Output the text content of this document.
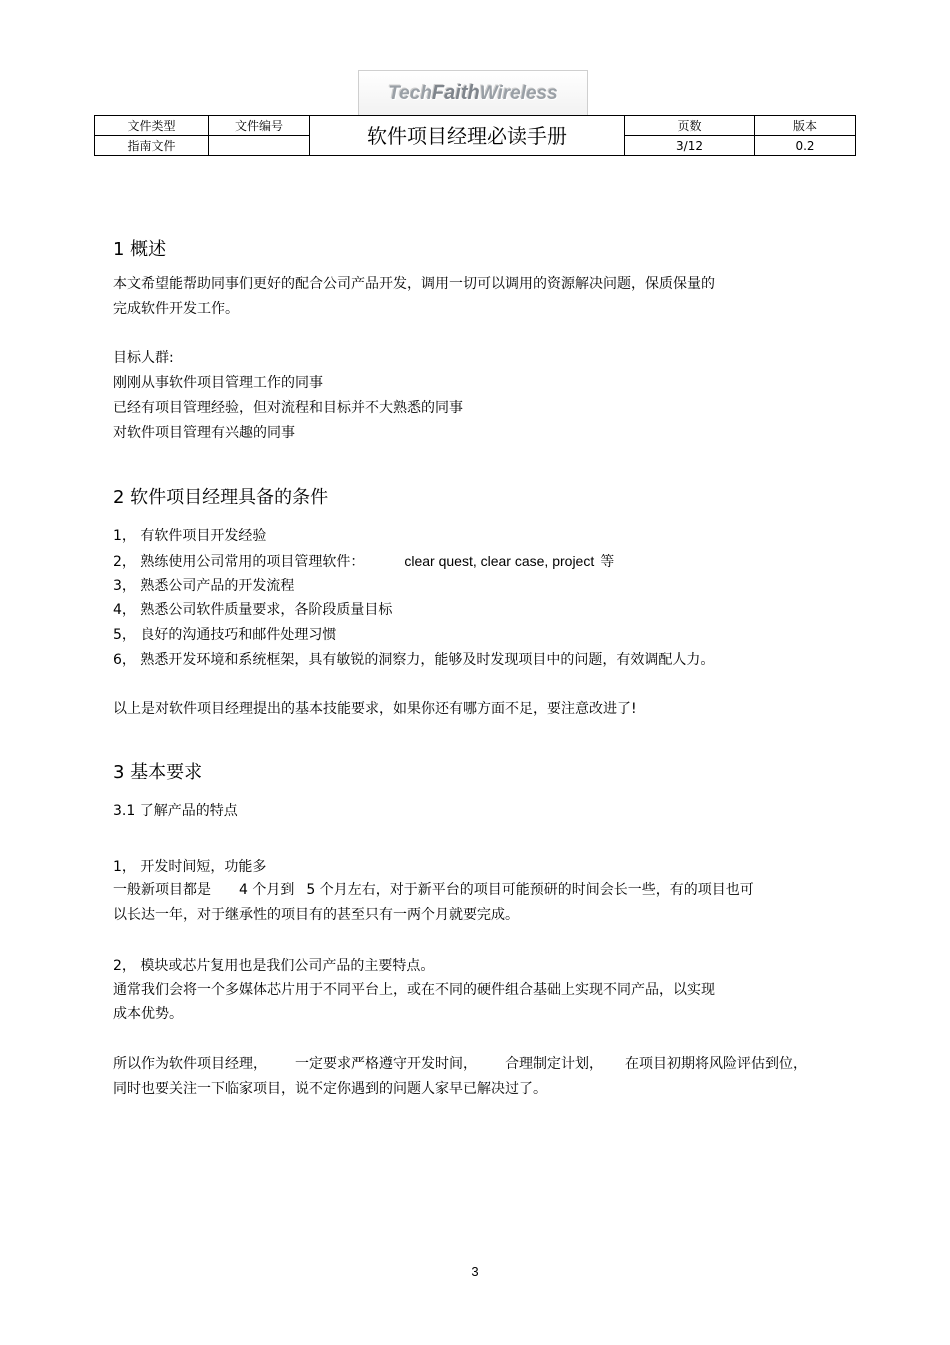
TechFaithWireless
文件类型	文件编号	软件项目经理必读手册	页数	版本
指南文件			3/12	0.2
1 概述
本文希望能帮助同事们更好的配合公司产品开发，调用一切可以调用的资源解决问题，保质保量的
完成软件开发工作。
目标人群:
刚刚从事软件项目管理工作的同事
已经有项目管理经验，但对流程和目标并不大熟悉的同事
对软件项目管理有兴趣的同事
2 软件项目经理具备的条件
1， 有软件项目开发经验
2， 熟练使用公司常用的项目管理软件：	clear quest, clear case, project 等
3， 熟悉公司产品的开发流程
4， 熟悉公司软件质量要求，各阶段质量目标
5， 良好的沟通技巧和邮件处理习惯
6， 熟悉开发环境和系统框架，具有敏锐的洞察力，能够及时发现项目中的问题，有效调配人力。
以上是对软件项目经理提出的基本技能要求，如果你还有哪方面不足，要注意改进了!
3 基本要求
3.1 了解产品的特点
1， 开发时间短，功能多
一般新项目都是 4 个月到 5 个月左右，对于新平台的项目可能预研的时间会长一些，有的项目也可
以长达一年，对于继承性的项目有的甚至只有一两个月就要完成。
2， 模块或芯片复用也是我们公司产品的主要特点。
通常我们会将一个多媒体芯片用于不同平台上，或在不同的硬件组合基础上实现不同产品，以实现
成本优势。
所以作为软件项目经理， 一定要求严格遵守开发时间， 合理制定计划， 在项目初期将风险评估到位，
同时也要关注一下临家项目，说不定你遇到的问题人家早已解决过了。
3
